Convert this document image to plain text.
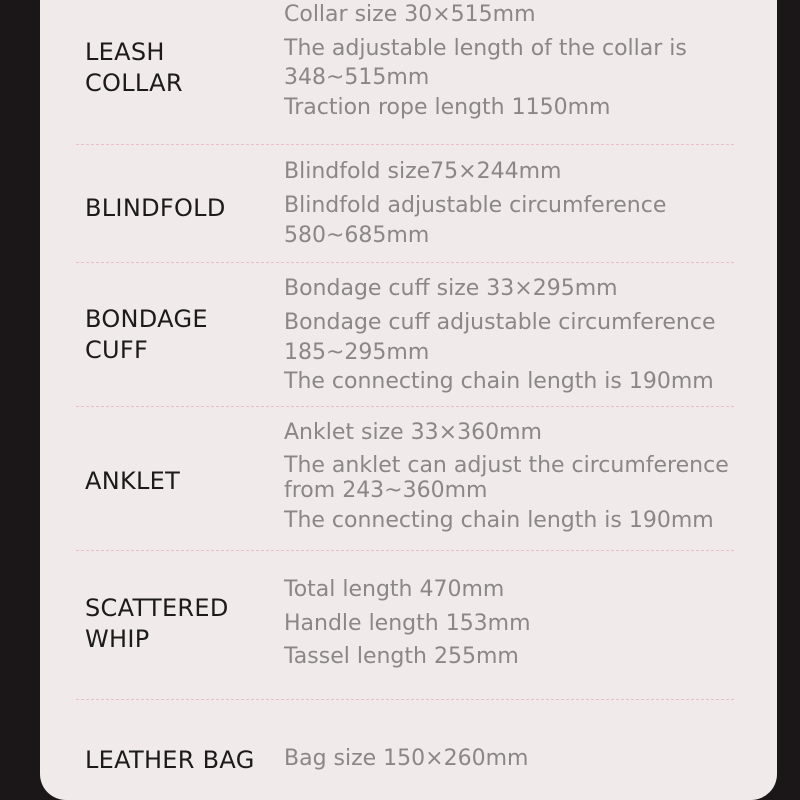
LEASH
COLLAR
Collar size 30×515mm
The adjustable length of the collar is
348~515mm
Traction rope length 1150mm
BLINDFOLD
Blindfold size75×244mm
Blindfold adjustable circumference
580~685mm
BONDAGE
CUFF
Bondage cuff size 33×295mm
Bondage cuff adjustable circumference
185~295mm
The connecting chain length is 190mm
ANKLET
Anklet size 33×360mm
The anklet can adjust the circumference
from 243~360mm
The connecting chain length is 190mm
SCATTERED
WHIP
Total length 470mm
Handle length 153mm
Tassel length 255mm
LEATHER BAG Bag size 150×260mm
